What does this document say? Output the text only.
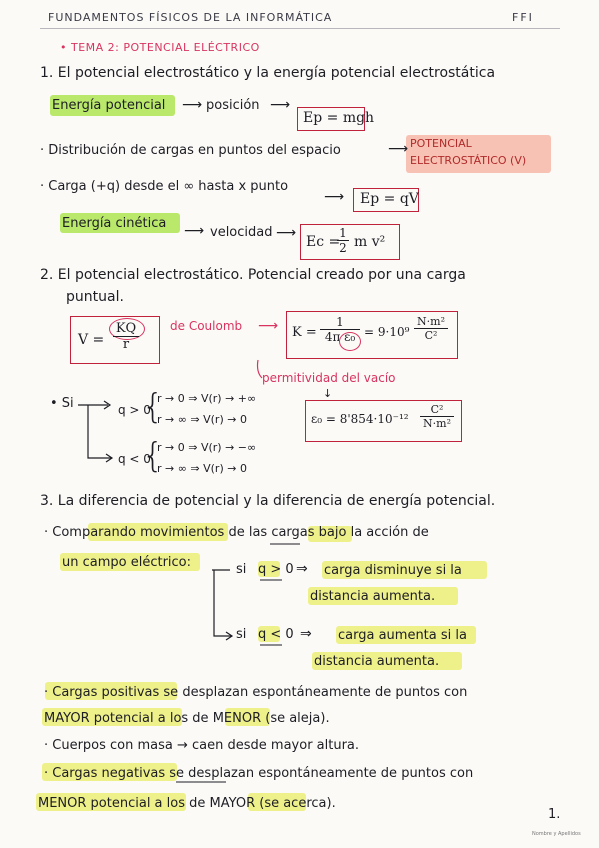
FUNDAMENTOS FÍSICOS DE LA INFORMÁTICA	FFI
• TEMA 2: POTENCIAL ELÉCTRICO
1. El potencial electrostático y la energía potencial electrostática
Energía potencial ⟶ posición ⟶
Ep = mgh
· Distribución de cargas en puntos del espacio	⟶ POTENCIAL
ELECTROSTÁTICO (V)
· Carga (+q) desde el ∞ hasta x punto
⟶ Ep = qV
Energía cinética ⟶ velocidad ⟶
Ec =
1
2 m v²
2. El potencial electrostático. Potencial creado por una carga
puntual.
V =
KQ
r
de Coulomb ⟶ K =
1
4π ε₀ = 9·10⁹
N·m²
C²
permitividad del vacío
↓
ε₀ = 8'854·10⁻¹²
C²
N·m²
• Si	q > 0
{
r → 0 ⇒ V(r) → +∞
r → ∞ ⇒ V(r) → 0
q < 0
{
r → 0 ⇒ V(r) → −∞
r → ∞ ⇒ V(r) → 0
3. La diferencia de potencial y la diferencia de energía potencial.
· Comparando movimientos de las cargas bajo la acción de
un campo eléctrico:	si q > 0 ⇒ carga disminuye si la
distancia aumenta.
si q < 0 ⇒ carga aumenta si la
distancia aumenta.
· Cargas positivas se desplazan espontáneamente de puntos con
MAYOR potencial a los de MENOR (se aleja).
· Cuerpos con masa → caen desde mayor altura.
· Cargas negativas se desplazan espontáneamente de puntos con
MENOR potencial a los de MAYOR (se acerca).
1.
Nombre y Apellidos
